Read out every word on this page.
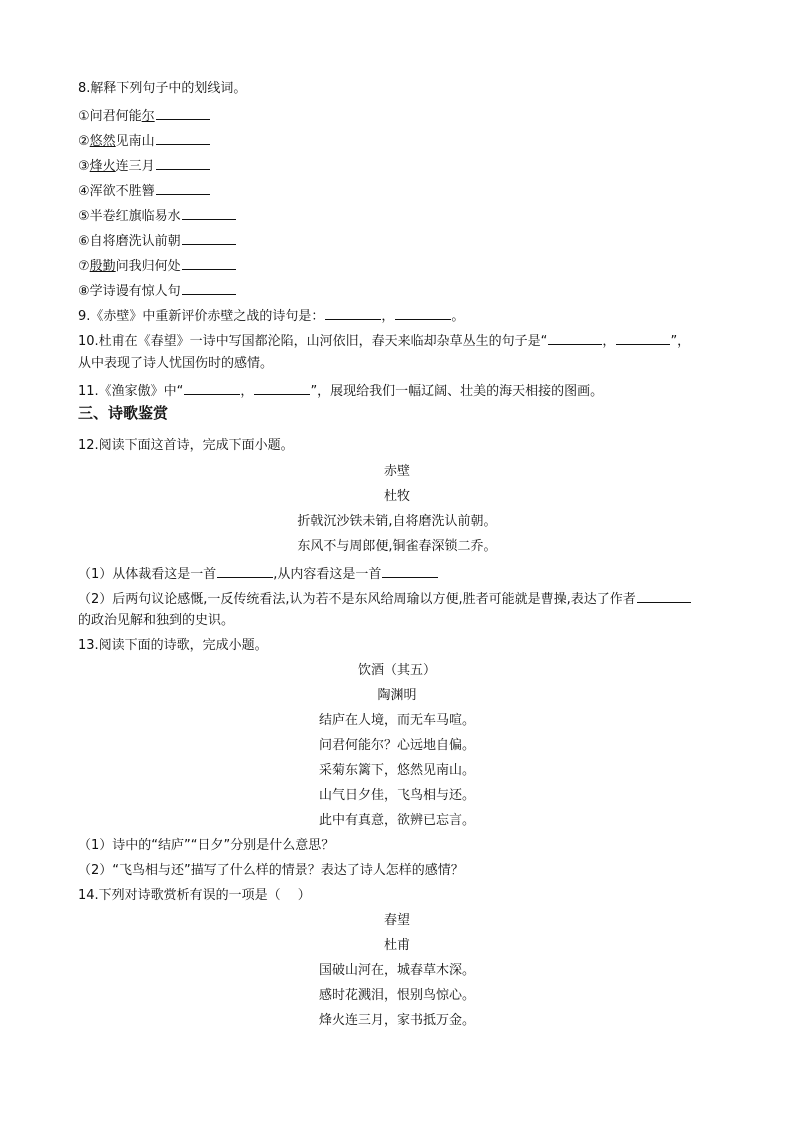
8.解释下列句子中的划线词。
①问君何能尔
②悠然见南山
③烽火连三月
④浑欲不胜簪
⑤半卷红旗临易水
⑥自将磨洗认前朝
⑦殷勤问我归何处
⑧学诗谩有惊人句
9.《赤壁》中重新评价赤壁之战的诗句是：	，	。
10.杜甫在《春望》一诗中写国都沦陷，山河依旧，春天来临却杂草丛生的句子是“	，	”，
从中表现了诗人忧国伤时的感情。
11.《渔家傲》中“	，	”，展现给我们一幅辽阔、壮美的海天相接的图画。
三、诗歌鉴赏
12.阅读下面这首诗，完成下面小题。
赤壁
杜牧
折戟沉沙铁未销,自将磨洗认前朝。
东风不与周郎便,铜雀春深锁二乔。
（1）从体裁看这是一首	,从内容看这是一首
（2）后两句议论感慨,一反传统看法,认为若不是东风给周瑜以方便,胜者可能就是曹操,表达了作者
的政治见解和独到的史识。
13.阅读下面的诗歌，完成小题。
饮酒（其五）
陶渊明
结庐在人境，而无车马喧。
问君何能尔？心远地自偏。
采菊东篱下，悠然见南山。
山气日夕佳，飞鸟相与还。
此中有真意，欲辨已忘言。
（1）诗中的“结庐”“日夕”分别是什么意思？
（2）“飞鸟相与还”描写了什么样的情景？表达了诗人怎样的感情？
14.下列对诗歌赏析有误的一项是（　 ）
春望
杜甫
国破山河在，城春草木深。
感时花溅泪，恨别鸟惊心。
烽火连三月，家书抵万金。
